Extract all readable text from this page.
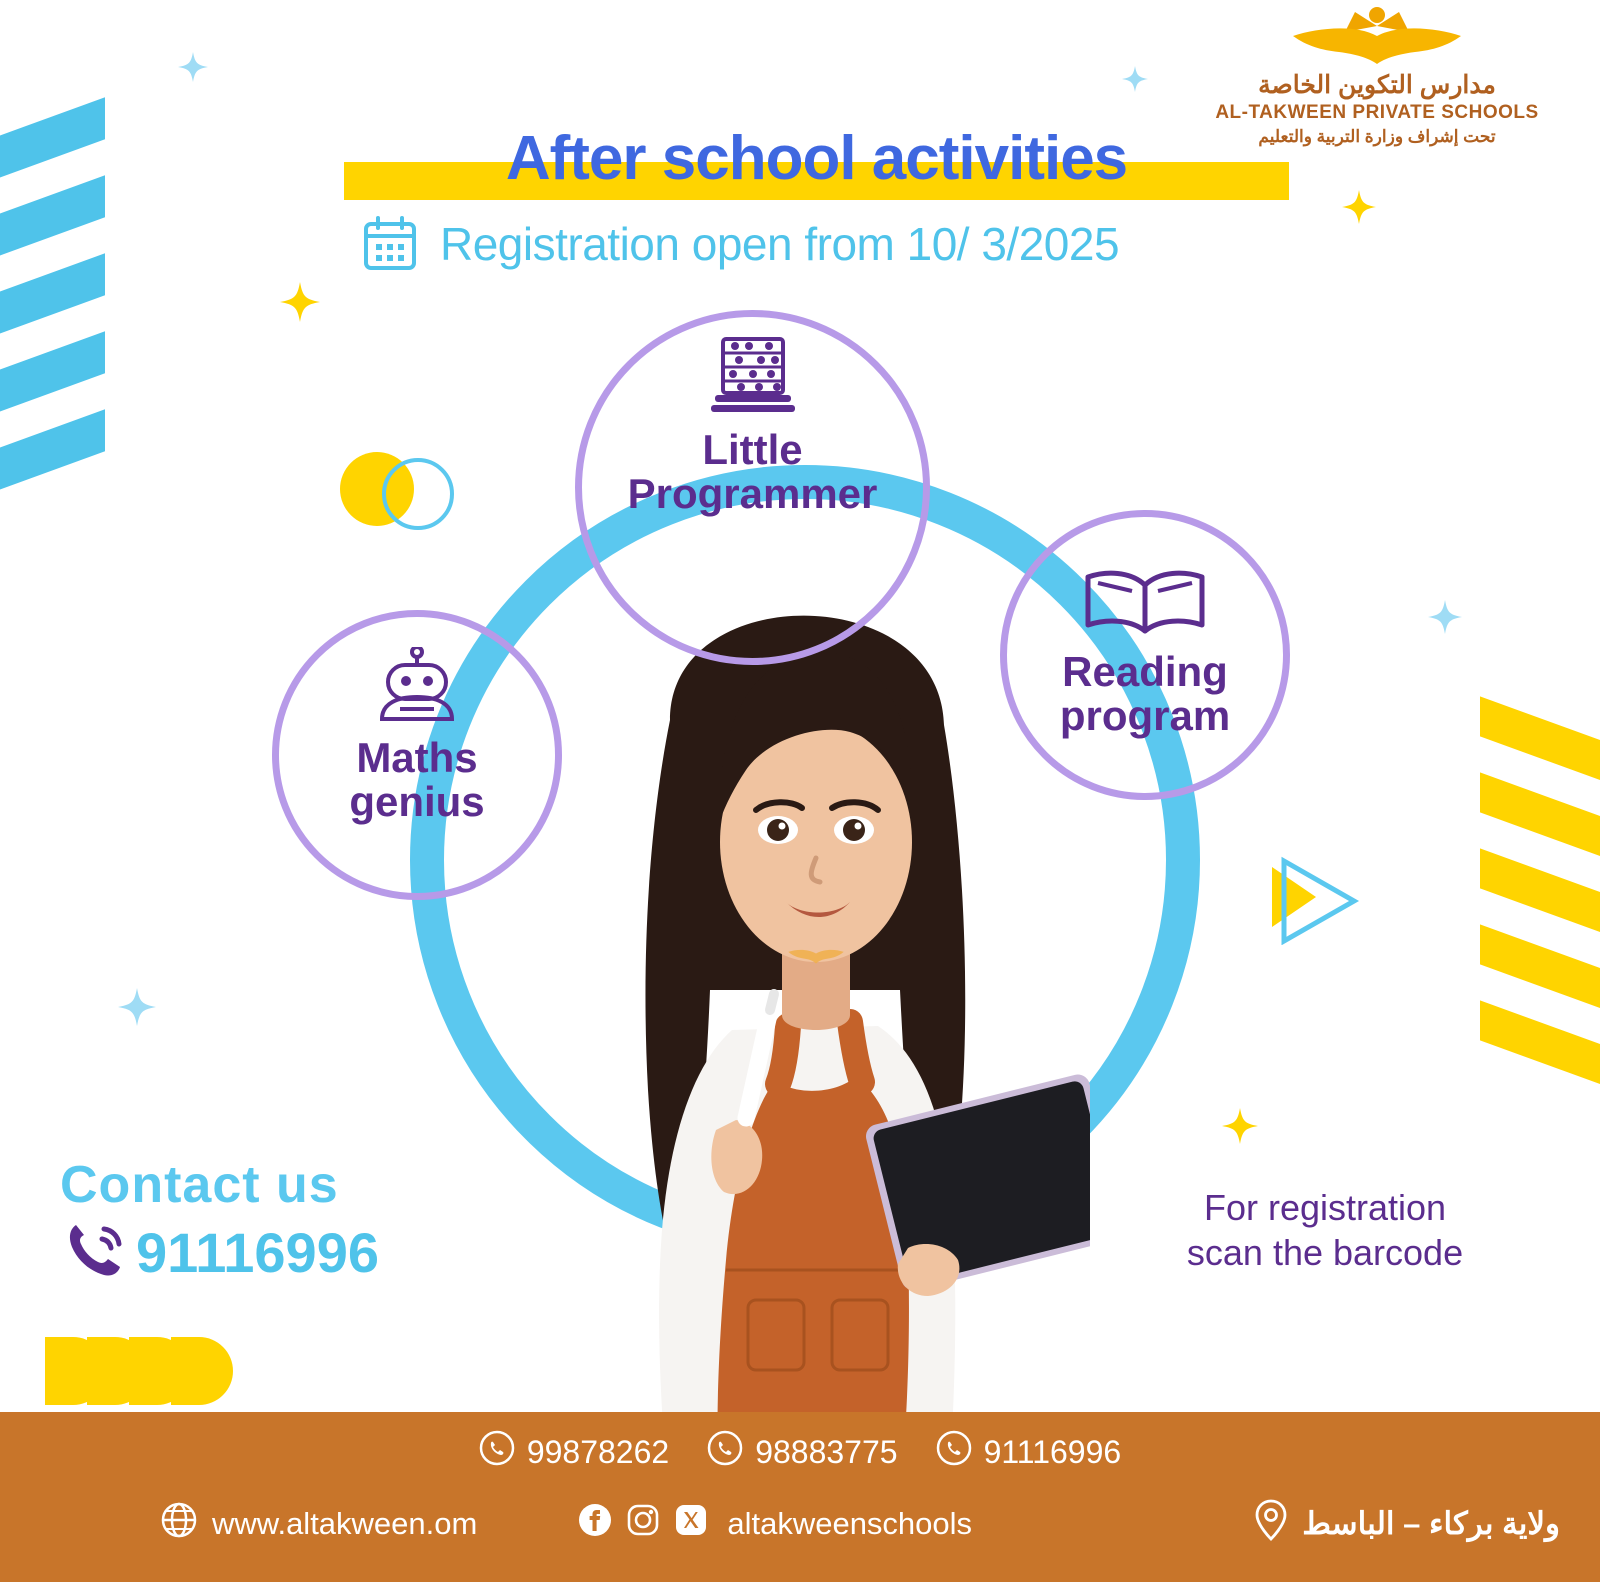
مدارس التكوين الخاصة
AL-TAKWEEN PRIVATE SCHOOLS
تحت إشراف وزارة التربية والتعليم
After school activities
Registration open from 10/ 3/2025
Little
Programmer
Maths
genius
Reading
program
Contact us
91116996
For registration
scan the barcode
99878262	98883775	91116996
www.altakween.om	altakweenschools	ولاية بركاء – الباسط
